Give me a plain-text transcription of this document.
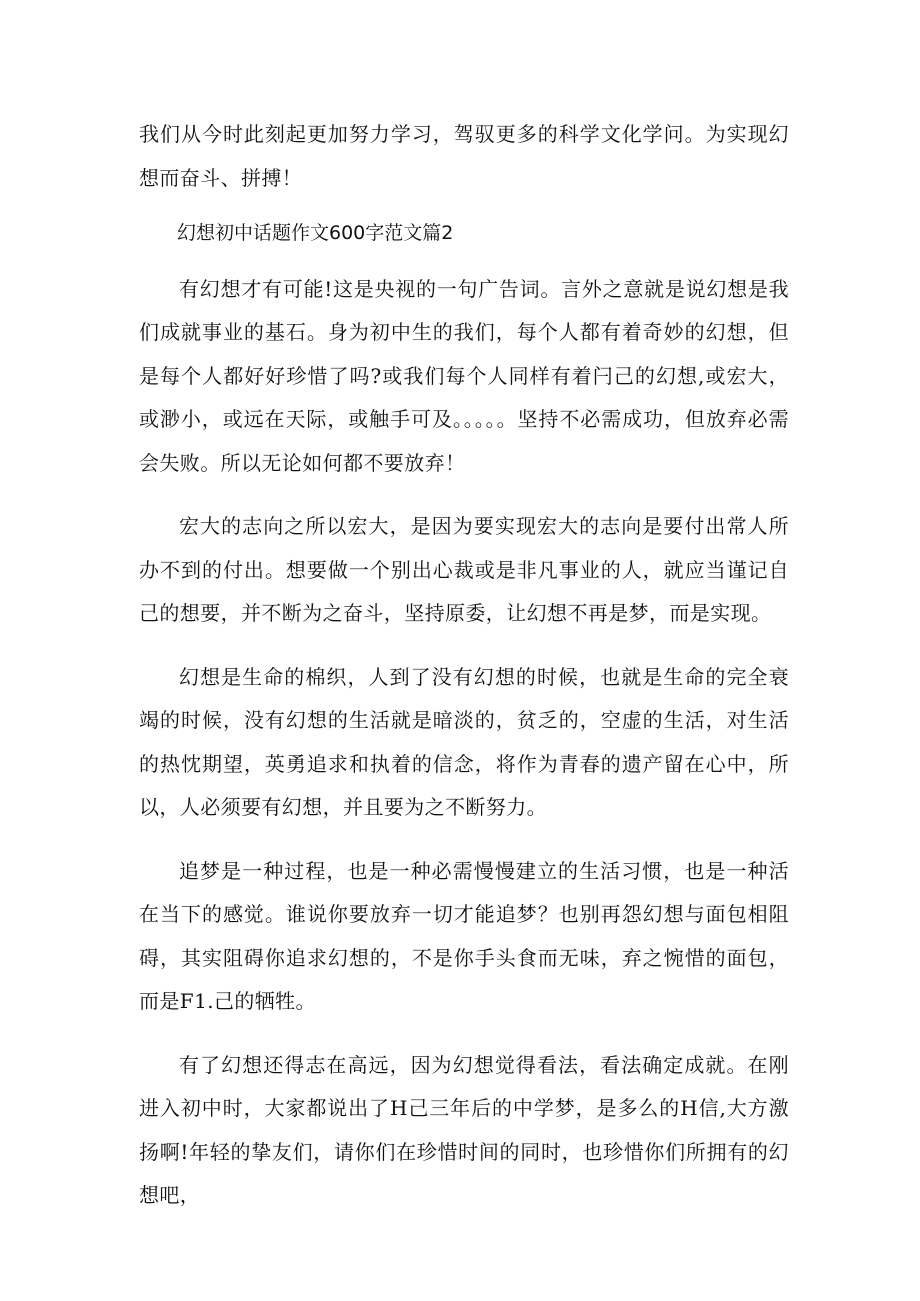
我们从今时此刻起更加努力学习，驾驭更多的科学文化学问。为实现幻想而奋斗、拼搏！

幻想初中话题作文600字范文篇2

有幻想才有可能!这是央视的一句广告词。言外之意就是说幻想是我们成就事业的基石。身为初中生的我们，每个人都有着奇妙的幻想，但是每个人都好好珍惜了吗?或我们每个人同样有着闩己的幻想,或宏大，或渺小，或远在天际，或触手可及。。。。。坚持不必需成功，但放弃必需会失败。所以无论如何都不要放弃！

宏大的志向之所以宏大，是因为要实现宏大的志向是要付出常人所办不到的付出。想要做一个别出心裁或是非凡事业的人，就应当谨记自己的想要，并不断为之奋斗，坚持原委，让幻想不再是梦，而是实现。

幻想是生命的棉织，人到了没有幻想的时候，也就是生命的完全衰竭的时候，没有幻想的生活就是暗淡的，贫乏的，空虚的生活，对生活的热忱期望，英勇追求和执着的信念，将作为青春的遗产留在心中，所以，人必须要有幻想，并且要为之不断努力。

追梦是一种过程，也是一种必需慢慢建立的生活习惯，也是一种活在当下的感觉。谁说你要放弃一切才能追梦？也别再怨幻想与面包相阻碍，其实阻碍你追求幻想的，不是你手头食而无味，弃之惋惜的面包，而是F1.己的牺牲。

有了幻想还得志在高远，因为幻想觉得看法，看法确定成就。在刚进入初中时，大家都说出了H己三年后的中学梦，是多么的H信,大方激扬啊!年轻的挚友们，请你们在珍惜时间的同时，也珍惜你们所拥有的幻想吧，
